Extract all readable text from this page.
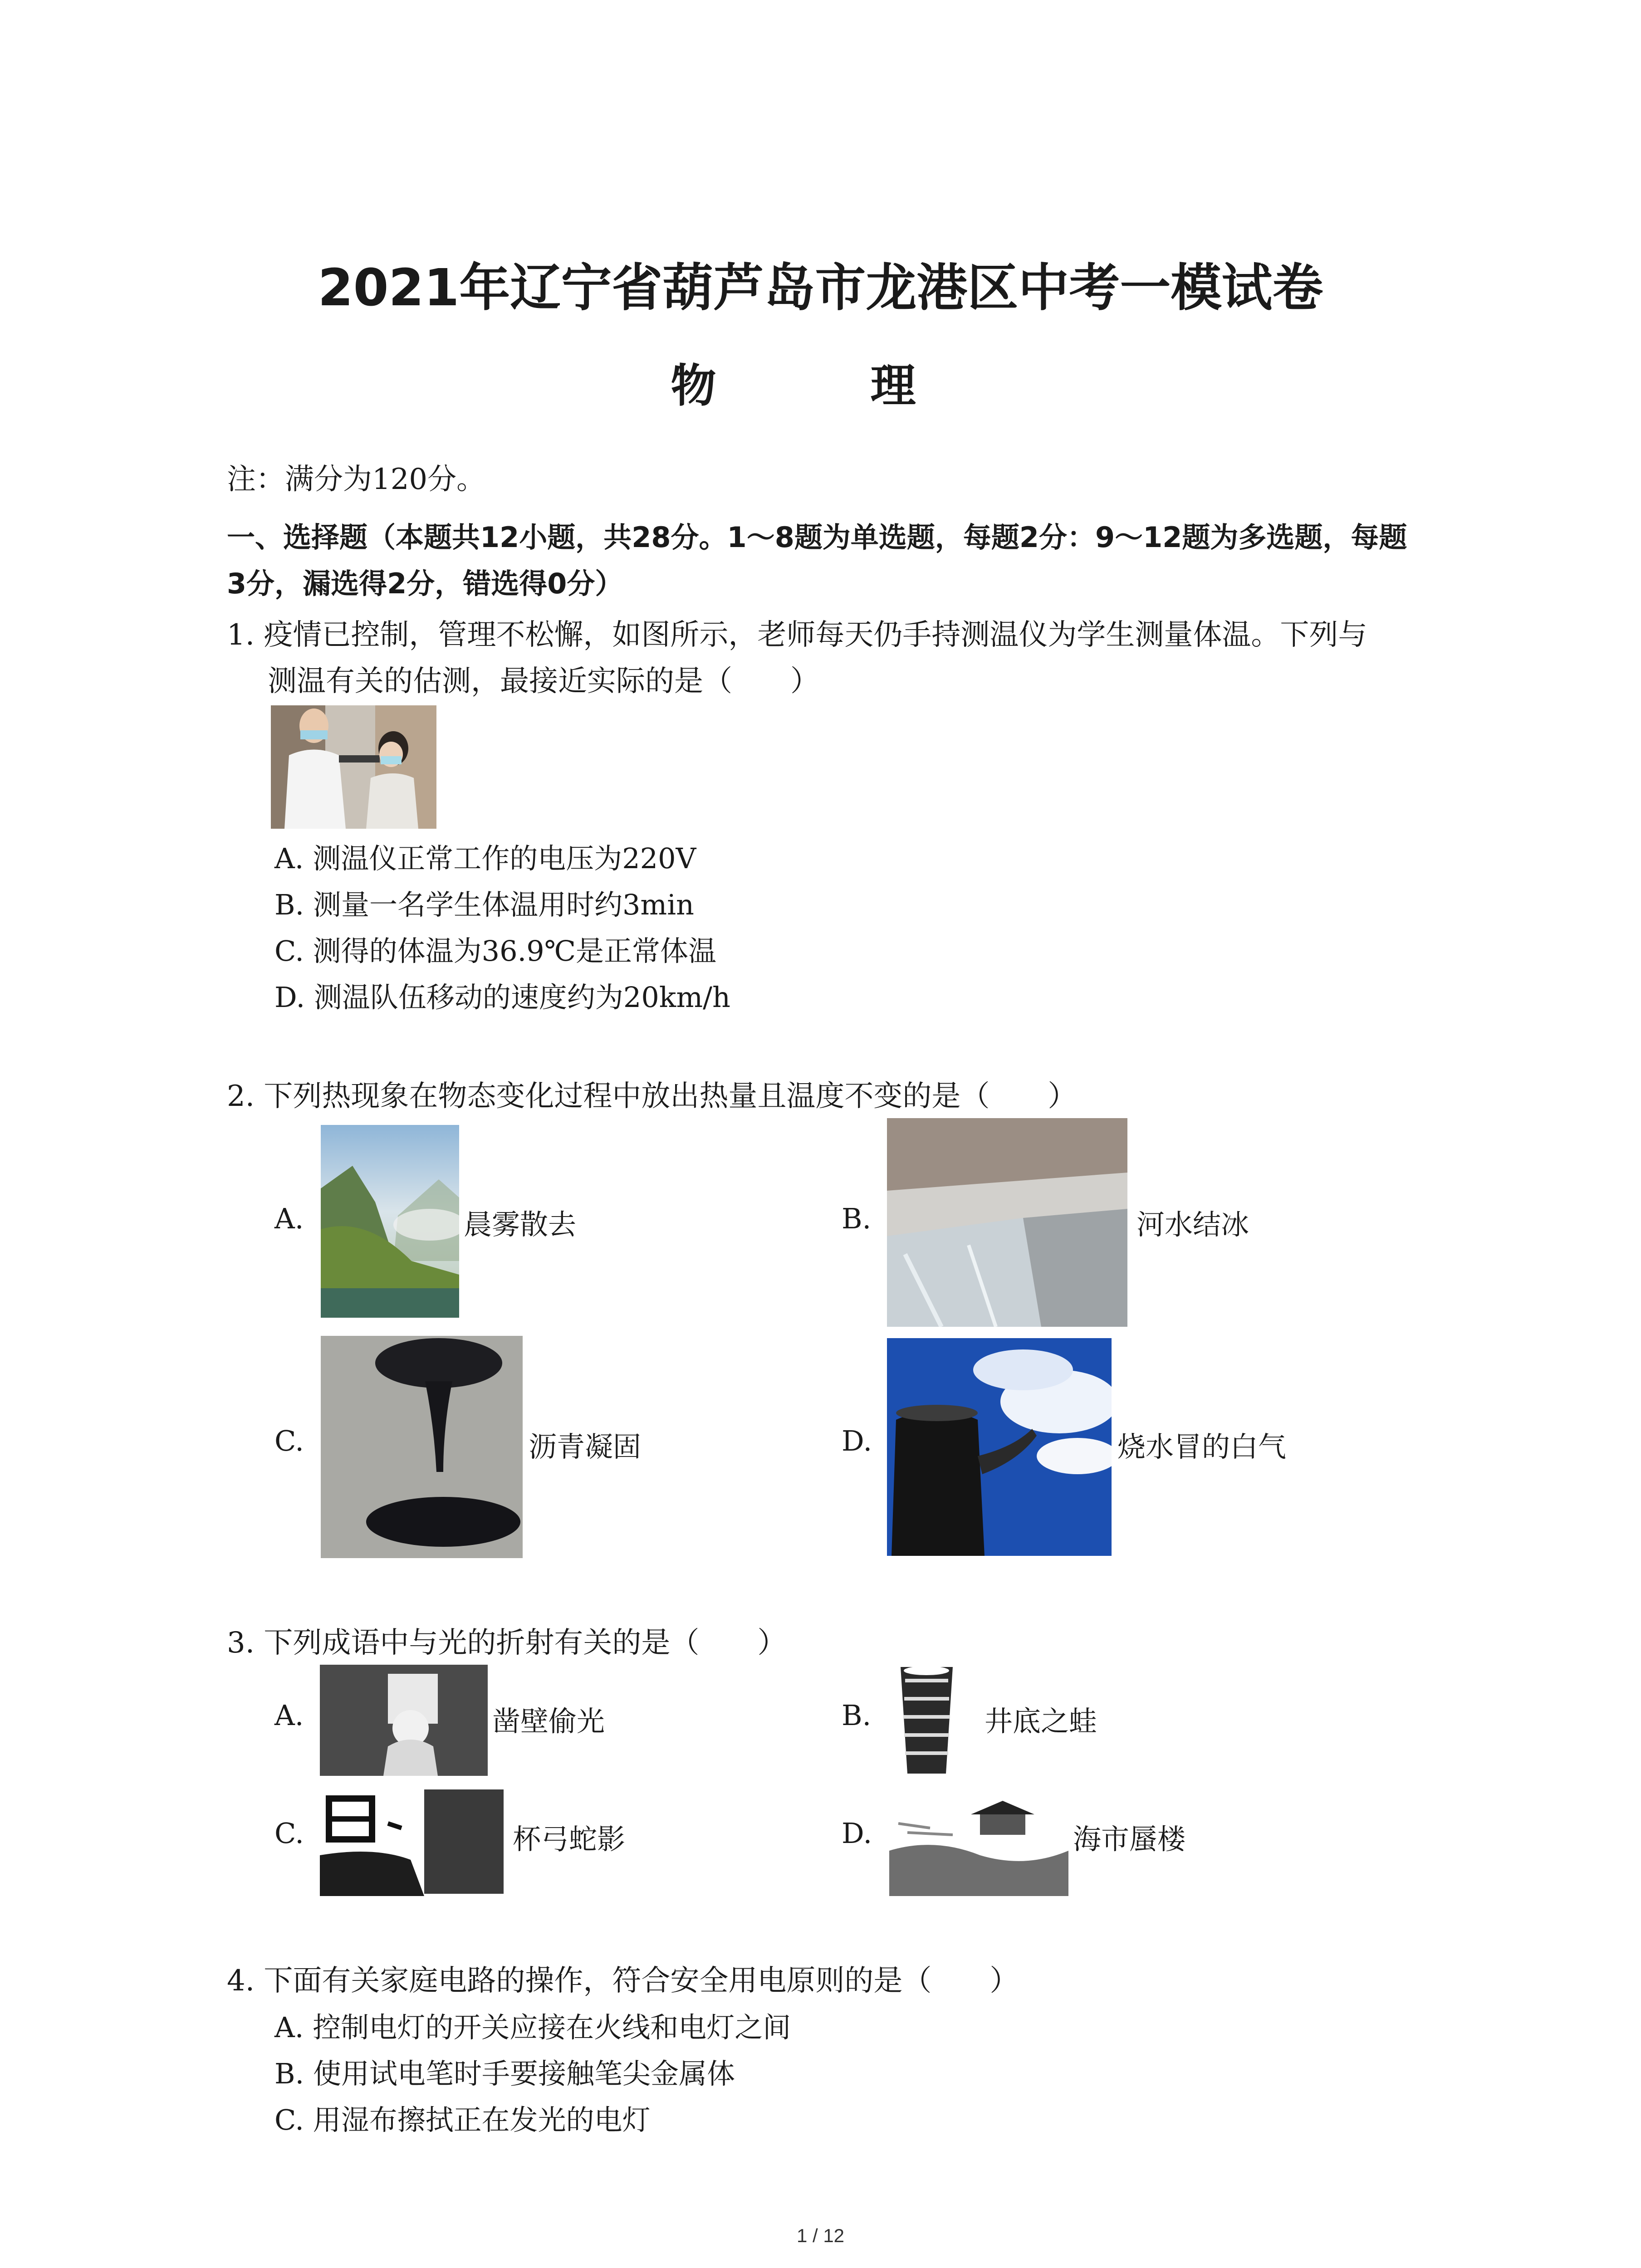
2021年辽宁省葫芦岛市龙港区中考一模试卷
物　理
注：满分为120分。
一、选择题（本题共12小题，共28分。1～8题为单选题，每题2分：9～12题为多选题，每题
3分，漏选得2分，错选得0分）
1. 疫情已控制，管理不松懈，如图所示，老师每天仍手持测温仪为学生测量体温。下列与
测温有关的估测，最接近实际的是（　　）
A. 测温仪正常工作的电压为220V
B. 测量一名学生体温用时约3min
C. 测得的体温为36.9℃是正常体温
D. 测温队伍移动的速度约为20km/h
2. 下列热现象在物态变化过程中放出热量且温度不变的是（　　）
A.	晨雾散去	B.	河水结冰
C.	沥青凝固	D.	烧水冒的白气
3. 下列成语中与光的折射有关的是（　　）
A.	凿壁偷光	B.	井底之蛙
C.	杯弓蛇影	D.	海市蜃楼
4. 下面有关家庭电路的操作，符合安全用电原则的是（　　）
A. 控制电灯的开关应接在火线和电灯之间
B. 使用试电笔时手要接触笔尖金属体
C. 用湿布擦拭正在发光的电灯
1 / 12
